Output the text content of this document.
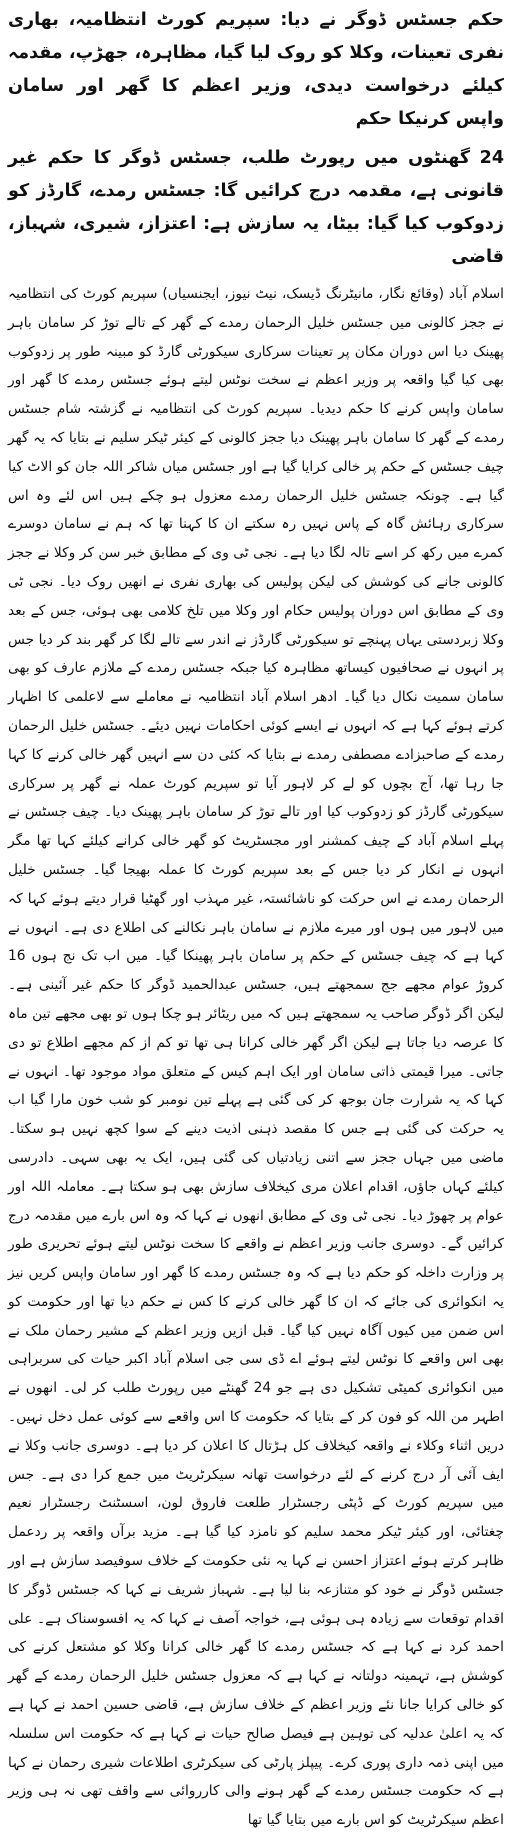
حکم جسٹس ڈوگر نے دیا: سپریم کورٹ انتظامیہ، بھاری نفری تعینات، وکلا کو روک لیا گیا، مظاہرہ، جھڑپ، مقدمہ کیلئے درخواست دیدی، وزیر اعظم کا گھر اور سامان واپس کرنیکا حکم
24 گھنٹوں میں رپورٹ طلب، جسٹس ڈوگر کا حکم غیر قانونی ہے، مقدمہ درج کرائیں گا: جسٹس رمدے، گارڈز کو زدوکوب کیا گیا: بیٹا، یہ سازش ہے: اعتزاز، شیری، شہباز، قاضی

اسلام آباد (وقائع نگار، مانیٹرنگ ڈیسک، نیٹ نیوز، ایجنسیاں) سپریم کورٹ کی انتظامیہ نے ججز کالونی میں جسٹس خلیل الرحمان رمدے کے گھر کے تالے توڑ کر سامان باہر پھینک دیا اس دوران مکان پر تعینات سرکاری سیکورٹی گارڈ کو مبینہ طور پر زدوکوب بھی کیا گیا واقعہ پر وزیر اعظم نے سخت نوٹس لیتے ہوئے جسٹس رمدے کا گھر اور سامان واپس کرنے کا حکم دیدیا۔ سپریم کورٹ کی انتظامیہ نے گزشتہ شام جسٹس رمدے کے گھر کا سامان باہر پھینک دیا ججز کالونی کے کیئر ٹیکر سلیم نے بتایا کہ یہ گھر چیف جسٹس کے حکم پر خالی کرایا گیا ہے اور جسٹس میاں شاکر اللہ جان کو الاٹ کیا گیا ہے۔ چونکہ جسٹس خلیل الرحمان رمدے معزول ہو چکے ہیں اس لئے وہ اس سرکاری رہائش گاہ کے پاس نہیں رہ سکتے ان کا کہنا تھا کہ ہم نے سامان دوسرے کمرے میں رکھ کر اسے تالہ لگا دیا ہے۔ نجی ٹی وی کے مطابق خبر سن کر وکلا نے ججز کالونی جانے کی کوشش کی لیکن پولیس کی بھاری نفری نے انھیں روک دیا۔ نجی ٹی وی کے مطابق اس دوران پولیس حکام اور وکلا میں تلخ کلامی بھی ہوئی، جس کے بعد وکلا زبردستی یہاں پہنچے تو سیکورٹی گارڈز نے اندر سے تالے لگا کر گھر بند کر دیا جس پر انہوں نے صحافیوں کیساتھ مظاہرہ کیا جبکہ جسٹس رمدے کے ملازم عارف کو بھی سامان سمیت نکال دیا گیا۔ ادھر اسلام آباد انتظامیہ نے معاملے سے لاعلمی کا اظہار کرتے ہوئے کہا ہے کہ انہوں نے ایسے کوئی احکامات نہیں دیئے۔ جسٹس خلیل الرحمان رمدے کے صاحبزادے مصطفی رمدے نے بتایا کہ کئی دن سے انہیں گھر خالی کرنے کا کہا جا رہا تھا، آج بچوں کو لے کر لاہور آیا تو سپریم کورٹ عملہ نے گھر پر سرکاری سیکورٹی گارڈز کو زدوکوب کیا اور تالے توڑ کر سامان باہر پھینک دیا۔ چیف جسٹس نے پہلے اسلام آباد کے چیف کمشنر اور مجسٹریٹ کو گھر خالی کرانے کیلئے کہا تھا مگر انہوں نے انکار کر دیا جس کے بعد سپریم کورٹ کا عملہ بھیجا گیا۔ جسٹس خلیل الرحمان رمدے نے اس حرکت کو ناشائستہ، غیر مہذب اور گھٹیا قرار دیتے ہوئے کہا کہ میں لاہور میں ہوں اور میرے ملازم نے سامان باہر نکالنے کی اطلاع دی ہے۔ انہوں نے کہا ہے کہ چیف جسٹس کے حکم پر سامان باہر پھینکا گیا۔ میں اب تک نج ہوں 16 کروڑ عوام مجھے جج سمجھتے ہیں، جسٹس عبدالحمید ڈوگر کا حکم غیر آئینی ہے۔ لیکن اگر ڈوگر صاحب یہ سمجھتے ہیں کہ میں ریٹائر ہو چکا ہوں تو بھی مجھے تین ماہ کا عرصہ دیا جاتا ہے لیکن اگر گھر خالی کرانا ہی تھا تو کم از کم مجھے اطلاع تو دی جاتی۔ میرا قیمتی ذاتی سامان اور ایک اہم کیس کے متعلق مواد موجود تھا۔ انہوں نے کہا کہ یہ شرارت جان بوجھ کر کی گئی ہے پہلے تین نومبر کو شب خون مارا گیا اب یہ حرکت کی گئی ہے جس کا مقصد ذہنی اذیت دینے کے سوا کچھ نہیں ہو سکتا۔ ماضی میں جہاں ججز سے اتنی زیادتیاں کی گئی ہیں، ایک یہ بھی سہی۔ دادرسی کیلئے کہاں جاؤں، اقدام اعلان مری کیخلاف سازش بھی ہو سکتا ہے۔ معاملہ اللہ اور عوام پر چھوڑ دیا۔ نجی ٹی وی کے مطابق انھوں نے کہا کہ وہ اس بارے میں مقدمہ درج کرائیں گے۔ دوسری جانب وزیر اعظم نے واقعے کا سخت نوٹس لیتے ہوئے تحریری طور پر وزارت داخلہ کو حکم دیا ہے کہ وہ جسٹس رمدے کا گھر اور سامان واپس کریں نیز یہ انکوائری کی جائے کہ ان کا گھر خالی کرنے کا کس نے حکم دیا تھا اور حکومت کو اس ضمن میں کیوں آگاہ نہیں کیا گیا۔ قبل ازیں وزیر اعظم کے مشیر رحمان ملک نے بھی اس واقعے کا نوٹس لیتے ہوئے اے ڈی سی جی اسلام آباد اکبر حیات کی سربراہی میں انکوائری کمیٹی تشکیل دی ہے جو 24 گھنٹے میں رپورٹ طلب کر لی۔ انھوں نے اطہر من اللہ کو فون کر کے بتایا کہ حکومت کا اس واقعے سے کوئی عمل دخل نہیں۔ دریں اثناء وکلاء نے واقعہ کیخلاف کل ہڑتال کا اعلان کر دیا ہے۔ دوسری جانب وکلا نے ایف آئی آر درج کرنے کے لئے درخواست تھانہ سیکرٹریٹ میں جمع کرا دی ہے۔ جس میں سپریم کورٹ کے ڈپٹی رجسٹرار طلعت فاروق لون، اسسٹنٹ رجسٹرار نعیم چغتائی، اور کیئر ٹیکر محمد سلیم کو نامزد کیا گیا ہے۔ مزید برآں واقعہ پر ردعمل ظاہر کرتے ہوئے اعتزاز احسن نے کہا یہ نئی حکومت کے خلاف سوفیصد سازش ہے اور جسٹس ڈوگر نے خود کو متنازعہ بنا لیا ہے۔ شہباز شریف نے کہا کہ جسٹس ڈوگر کا اقدام توقعات سے زیادہ ہی ہوئی ہے، خواجہ آصف نے کہا کہ یہ افسوسناک ہے۔ علی احمد کرد نے کہا ہے کہ جسٹس رمدے کا گھر خالی کرانا وکلا کو مشتعل کرنے کی کوشش ہے، تہمینہ دولتانہ نے کہا ہے کہ معزول جسٹس خلیل الرحمان رمدے کے گھر کو خالی کرایا جانا نئے وزیر اعظم کے خلاف سازش ہے، قاضی حسین احمد نے کہا ہے کہ یہ اعلیٰ عدلیہ کی توہین ہے فیصل صالح حیات نے کہا ہے کہ حکومت اس سلسلہ میں اپنی ذمہ داری پوری کرے۔ پیپلز پارٹی کی سیکرٹری اطلاعات شیری رحمان نے کہا ہے کہ حکومت جسٹس رمدے کے گھر ہونے والی کارروائی سے واقف تھی نہ ہی وزیر اعظم سیکرٹریٹ کو اس بارے میں بتایا گیا تھا
